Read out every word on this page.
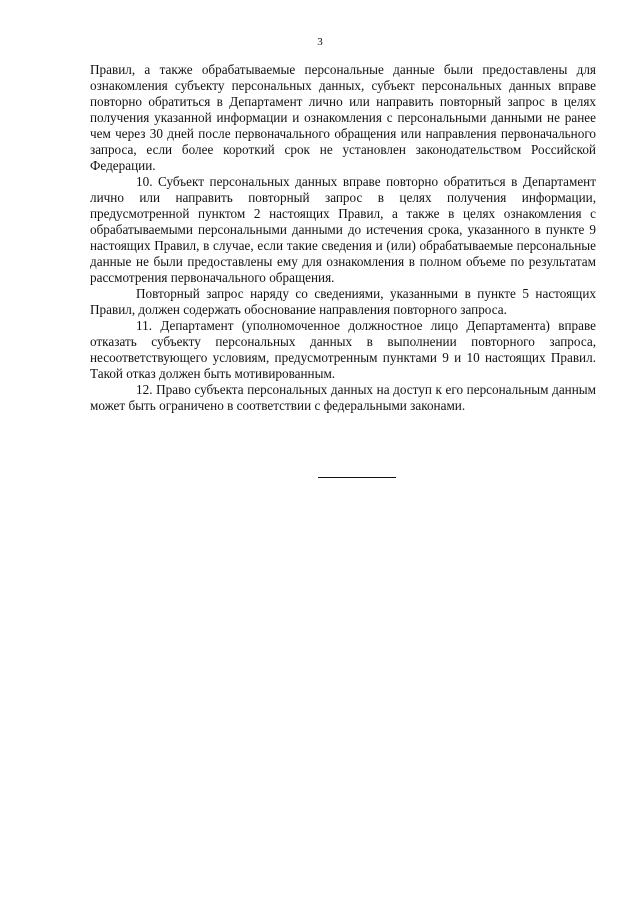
3

Правил, а также обрабатываемые персональные данные были предоставлены для ознакомления субъекту персональных данных, субъект персональных данных вправе повторно обратиться в Департамент лично или направить повторный запрос в целях получения указанной информации и ознакомления с персональными данными не ранее чем через 30 дней после первоначального обращения или направления первоначального запроса, если более короткий срок не установлен законодательством Российской Федерации.

10. Субъект персональных данных вправе повторно обратиться в Департамент лично или направить повторный запрос в целях получения информации, предусмотренной пунктом 2 настоящих Правил, а также в целях ознакомления с обрабатываемыми персональными данными до истечения срока, указанного в пункте 9 настоящих Правил, в случае, если такие сведения и (или) обрабатываемые персональные данные не были предоставлены ему для ознакомления в полном объеме по результатам рассмотрения первоначального обращения.

Повторный запрос наряду со сведениями, указанными в пункте 5 настоящих Правил, должен содержать обоснование направления повторного запроса.

11. Департамент (уполномоченное должностное лицо Департамента) вправе отказать субъекту персональных данных в выполнении повторного запроса, несоответствующего условиям, предусмотренным пунктами 9 и 10 настоящих Правил. Такой отказ должен быть мотивированным.

12. Право субъекта персональных данных на доступ к его персональным данным может быть ограничено в соответствии с федеральными законами.
